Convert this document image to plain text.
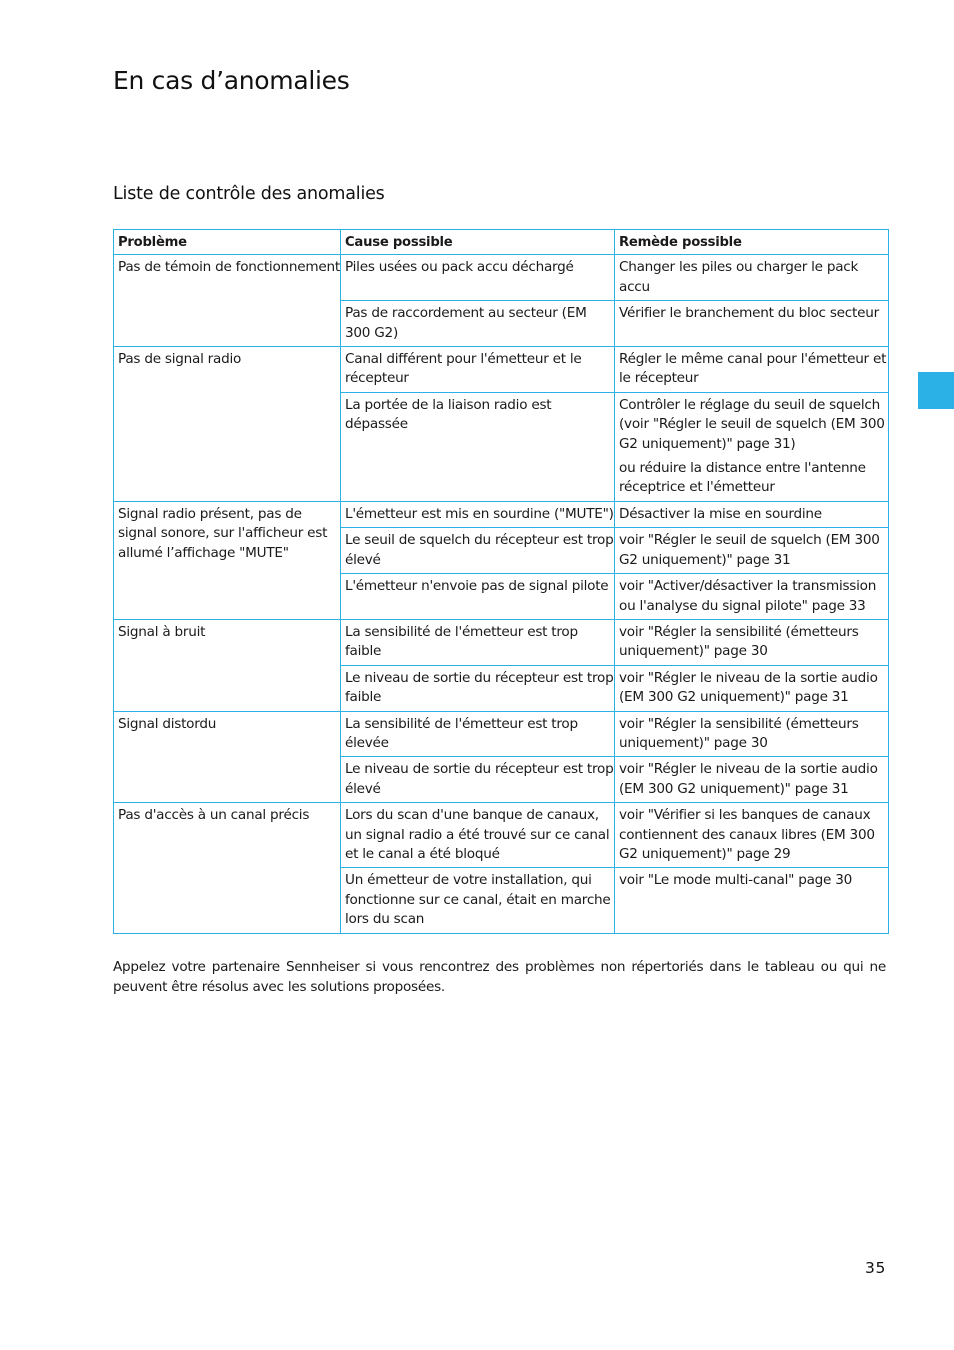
En cas d’anomalies
Liste de contrôle des anomalies
Problème	Cause possible	Remède possible
Pas de témoin de fonctionnement	Piles usées ou pack accu déchargé	Changer les piles ou charger le pack accu
	Pas de raccordement au secteur (EM 300 G2)	Vérifier le branchement du bloc secteur
Pas de signal radio	Canal différent pour l'émetteur et le récepteur	Régler le même canal pour l'émetteur et le récepteur
	La portée de la liaison radio est dépassée	Contrôler le réglage du seuil de squelch (voir "Régler le seuil de squelch (EM 300 G2 uniquement)" page 31)
ou réduire la distance entre l'antenne réceptrice et l'émetteur

Signal radio présent, pas de signal sonore, sur l'afficheur est allumé l’affichage "MUTE"	L'émetteur est mis en sourdine ("MUTE")	Désactiver la mise en sourdine
	Le seuil de squelch du récepteur est trop élevé	voir "Régler le seuil de squelch (EM 300 G2 uniquement)" page 31
	L'émetteur n'envoie pas de signal pilote	voir "Activer/désactiver la transmission ou l'analyse du signal pilote" page 33
Signal à bruit	La sensibilité de l'émetteur est trop faible	voir "Régler la sensibilité (émetteurs uniquement)" page 30
	Le niveau de sortie du récepteur est trop faible	voir "Régler le niveau de la sortie audio (EM 300 G2 uniquement)" page 31
Signal distordu	La sensibilité de l'émetteur est trop élevée	voir "Régler la sensibilité (émetteurs uniquement)" page 30
	Le niveau de sortie du récepteur est trop élevé	voir "Régler le niveau de la sortie audio (EM 300 G2 uniquement)" page 31
Pas d'accès à un canal précis	Lors du scan d'une banque de canaux, un signal radio a été trouvé sur ce canal et le canal a été bloqué	voir "Vérifier si les banques de canaux contiennent des canaux libres (EM 300 G2 uniquement)" page 29
	Un émetteur de votre installation, qui fonctionne sur ce canal, était en marche lors du scan	voir "Le mode multi-canal" page 30

Appelez votre partenaire Sennheiser si vous rencontrez des problèmes non répertoriés dans le tableau ou qui ne peuvent être résolus avec les solutions proposées.

35
